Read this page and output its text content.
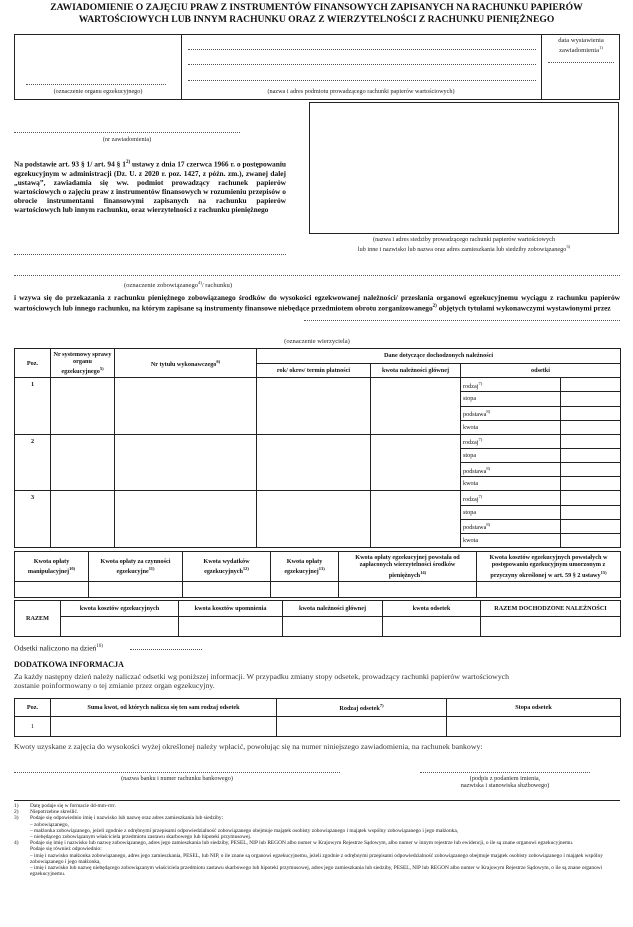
ZAWIADOMIENIE O ZAJĘCIU PRAW Z INSTRUMENTÓW FINANSOWYCH ZAPISANYCH NA RACHUNKU PAPIERÓW
WARTOŚCIOWYCH LUB INNYM RACHUNKU ORAZ Z WIERZYTELNOŚCI Z RACHUNKU PIENIĘŻNEGO
(oznaczenie organu egzekucyjnego)	(nazwa i adres podmiotu prowadzącego rachunki papierów wartościowych)
data wystawienia
zawiadomienia$^{1)}$
(nr zawiadomienia)
Na podstawie art. 93 § 1/ art. 94 § 1$^{2)}$ ustawy z dnia 17 czerwca 1966 r. o postępowaniu egzekucyjnym w administracji (Dz. U. z 2020 r. poz. 1427, z późn. zm.), zwanej dalej „ustawą”, zawiadamia się ww. podmiot prowadzący rachunek papierów wartościowych o zajęciu praw z instrumentów finansowych w rozumieniu przepisów o obrocie instrumentami finansowymi zapisanych na rachunku papierów wartościowych lub innym rachunku, oraz wierzytelności z rachunku pieniężnego
(nazwa i adres siedziby prowadzącego rachunki papierów wartościowych
lub inne i nazwisko lub nazwa oraz adres zamieszkania lub siedziby zobowiązanego$^{3)}$
(oznaczenie zobowiązanego$^{4)}$/ rachunku)
i wzywa się do przekazania z rachunku pieniężnego zobowiązanego środków do wysokości egzekwowanej należności/ przesłania organowi egzekucyjnemu wyciągu z rachunku papierów wartościowych lub innego rachunku, na którym zapisane są instrumenty finansowe niebędące przedmiotem obrotu zorganizowanego$^{2)}$ objętych tytułami wykonawczymi wystawionymi przez
(oznaczenie wierzyciela)
Poz.	Nr systemowy sprawy organu egzekucyjnego$^{5)}$	Nr tytułu wykonawczego$^{6)}$	Dane dotyczące dochodzonych należności			
			rok/ okres/ termin płatności	kwota należności głównej	odsetki	
1					rodzaj$^{7)}$	
					stopa	
					podstawa$^{8)}$	
					kwota	
2					rodzaj$^{7)}$	
					stopa	
					podstawa$^{8)}$	
					kwota	
3					rodzaj$^{7)}$	
					stopa	
					podstawa$^{8)}$	
					kwota	
Kwota opłaty manipulacyjnej$^{10)}$	Kwota opłaty za czynności egzekucyjne$^{11)}$	Kwota wydatków egzekucyjnych$^{12)}$	Kwota opłaty egzekucyjnej$^{13)}$	Kwota opłaty egzekucyjnej powstała od zapłaconych wierzytelności środków pieniężnych$^{14)}$	Kwota kosztów egzekucyjnych powstałych w postępowaniu egzekucyjnym umorzonym z przyczyny określonej w art. 59 § 2 ustawy$^{15)}$

RAZEM	kwota kosztów egzekucyjnych	kwota kosztów upomnienia	kwota należności głównej	kwota odsetek	RAZEM DOCHODZONE NALEŻNOŚCI

Odsetki naliczono na dzień$^{16)}$
DODATKOWA INFORMACJA
Za każdy następny dzień należy naliczać odsetki wg poniższej informacji. W przypadku zmiany stopy odsetek, prowadzący rachunki papierów wartościowych
zostanie poinformowany o tej zmianie przez organ egzekucyjny.
Poz.	Suma kwot, od których nalicza się ten sam rodzaj odsetek	Rodzaj odsetek$^{7)}$	Stopa odsetek
1			
Kwoty uzyskane z zajęcia do wysokości wyżej określonej należy wpłacić, powołując się na numer niniejszego zawiadomienia, na rachunek bankowy:
(nazwa banku i numer rachunku bankowego)	(podpis z podaniem imienia,
nazwiska i stanowiska służbowego)
1)	Datę podaje się w formacie dd-mm-rrrr.
2)	Niepotrzebne skreślić.
3)	Podaje się odpowiednio imię i nazwisko lub nazwę oraz adres zamieszkania lub siedziby:
– zobowiązanego,
– małżonka zobowiązanego, jeżeli zgodnie z odrębnymi przepisami odpowiedzialność zobowiązanego obejmuje majątek osobisty zobowiązanego i majątek wspólny zobowiązanego i jego małżonka,
– niebędącego zobowiązanym właściciela przedmiotu zastawu skarbowego lub hipoteki przymusowej.
4)	Podaje się imię i nazwisko lub nazwę zobowiązanego, adres jego zamieszkania lub siedziby, PESEL, NIP lub REGON albo numer w Krajowym Rejestrze Sądowym, albo numer w innym rejestrze lub ewidencji, o ile są znane organowi egzekucyjnemu.
Podaje się również odpowiednio:
– imię i nazwisko małżonka zobowiązanego, adres jego zamieszkania, PESEL, lub NIP, o ile znane są organowi egzekucyjnemu, jeżeli zgodnie z odrębnymi przepisami odpowiedzialność zobowiązanego obejmuje majątek osobisty zobowiązanego i majątek wspólny zobowiązanego i jego małżonka,
– imię i nazwisko lub nazwę niebędącego zobowiązanym właściciela przedmiotu zastawu skarbowego lub hipoteki przymusowej, adres jego zamieszkania lub siedziby, PESEL, NIP lub REGON albo numer w Krajowym Rejestrze Sądowym, o ile są znane organowi egzekucyjnemu.
